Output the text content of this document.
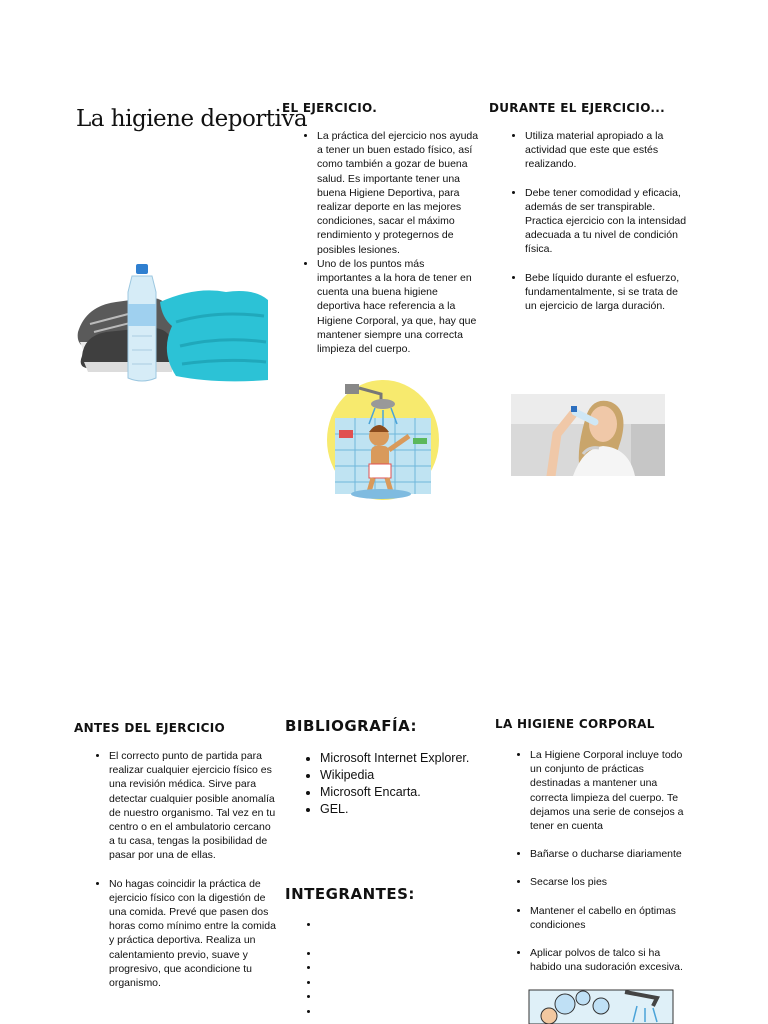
La higiene deportiva
EL EJERCICIO.
• La práctica del ejercicio nos ayuda a tener un buen estado físico, así como también a gozar de buena salud. Es importante tener una buena Higiene Deportiva, para realizar deporte en las mejores condiciones, sacar el máximo rendimiento y protegernos de posibles lesiones.
• Uno de los puntos más importantes a la hora de tener en cuenta una buena higiene deportiva hace referencia a la Higiene Corporal, ya que, hay que mantener siempre una correcta limpieza del cuerpo.
DURANTE EL EJERCICIO...
• Utiliza material apropiado a la actividad que este que estés realizando.
• Debe tener comodidad y eficacia, además de ser transpirable. Practica ejercicio con la intensidad adecuada a tu nivel de condición física.
• Bebe líquido durante el esfuerzo, fundamentalmente, si se trata de un ejercicio de larga duración.
ANTES DEL EJERCICIO
• El correcto punto de partida para realizar cualquier ejercicio físico es una revisión médica. Sirve para detectar cualquier posible anomalía de nuestro organismo. Tal vez en tu centro o en el ambulatorio cercano a tu casa, tengas la posibilidad de pasar por una de ellas.
• No hagas coincidir la práctica de ejercicio físico con la digestión de una comida. Prevé que pasen dos horas como mínimo entre la comida y práctica deportiva. Realiza un calentamiento previo, suave y progresivo, que acondicione tu organismo.
BIBLIOGRAFÍA:
• Microsoft Internet Explorer.
• Wikipedia
• Microsoft Encarta.
• GEL.
INTEGRANTES:
•
•
•
•
•
•
LA HIGIENE CORPORAL
• La Higiene Corporal incluye todo un conjunto de prácticas destinadas a mantener una correcta limpieza del cuerpo. Te dejamos una serie de consejos a tener en cuenta
• Bañarse o ducharse diariamente
• Secarse los pies
• Mantener el cabello en óptimas condiciones
• Aplicar polvos de talco si ha habido una sudoración excesiva.
